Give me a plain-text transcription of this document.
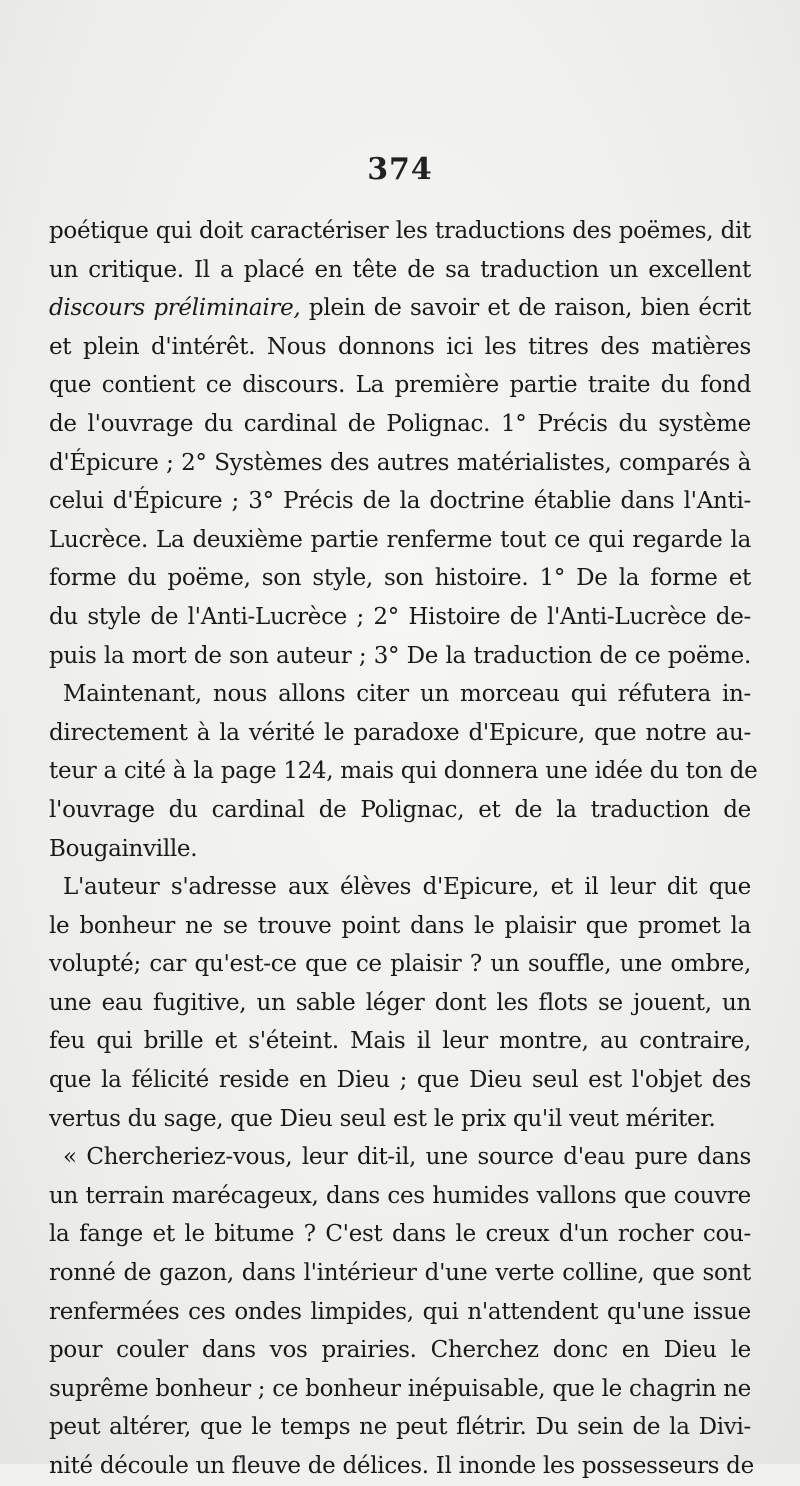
374
poétique qui doit caractériser les traductions des poëmes, dit
un critique. Il a placé en tête de sa traduction un excellent
discours préliminaire, plein de savoir et de raison, bien écrit
et plein d'intérêt. Nous donnons ici les titres des matières
que contient ce discours. La première partie traite du fond
de l'ouvrage du cardinal de Polignac. 1° Précis du système
d'Épicure ; 2° Systèmes des autres matérialistes, comparés à
celui d'Épicure ; 3° Précis de la doctrine établie dans l'Anti-
Lucrèce. La deuxième partie renferme tout ce qui regarde la
forme du poëme, son style, son histoire. 1° De la forme et
du style de l'Anti-Lucrèce ; 2° Histoire de l'Anti-Lucrèce de-
puis la mort de son auteur ; 3° De la traduction de ce poëme.
Maintenant, nous allons citer un morceau qui réfutera in-
directement à la vérité le paradoxe d'Epicure, que notre au-
teur a cité à la page 124, mais qui donnera une idée du ton de
l'ouvrage du cardinal de Polignac, et de la traduction de
Bougainville.
L'auteur s'adresse aux élèves d'Epicure, et il leur dit que
le bonheur ne se trouve point dans le plaisir que promet la
volupté; car qu'est-ce que ce plaisir ? un souffle, une ombre,
une eau fugitive, un sable léger dont les flots se jouent, un
feu qui brille et s'éteint. Mais il leur montre, au contraire,
que la félicité reside en Dieu ; que Dieu seul est l'objet des
vertus du sage, que Dieu seul est le prix qu'il veut mériter.
« Chercheriez-vous, leur dit-il, une source d'eau pure dans
un terrain marécageux, dans ces humides vallons que couvre
la fange et le bitume ? C'est dans le creux d'un rocher cou-
ronné de gazon, dans l'intérieur d'une verte colline, que sont
renfermées ces ondes limpides, qui n'attendent qu'une issue
pour couler dans vos prairies. Cherchez donc en Dieu le
suprême bonheur ; ce bonheur inépuisable, que le chagrin ne
peut altérer, que le temps ne peut flétrir. Du sein de la Divi-
nité découle un fleuve de délices. Il inonde les possesseurs de
